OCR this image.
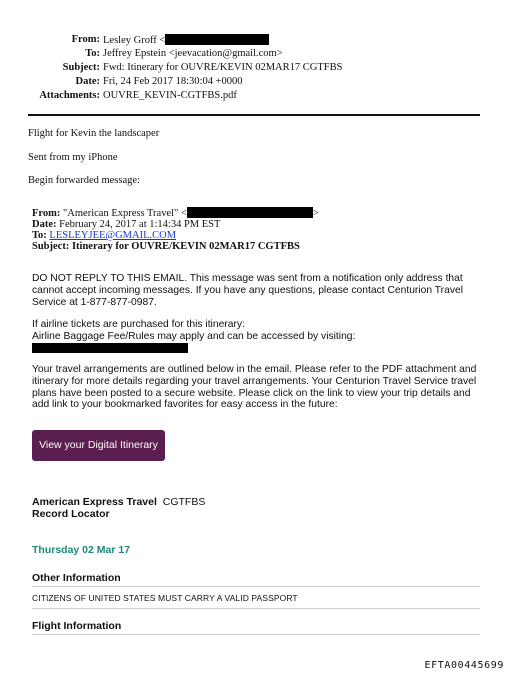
From: Lesley Groff <
To: Jeffrey Epstein <jeevacation@gmail.com>
Subject: Fwd: Itinerary for OUVRE/KEVIN 02MAR17 CGTFBS
Date: Fri, 24 Feb 2017 18:30:04 +0000
Attachments: OUVRE_KEVIN-CGTFBS.pdf
Flight for Kevin the landscaper
Sent from my iPhone
Begin forwarded message:
From: "American Express Travel" <	>
Date: February 24, 2017 at 1:14:34 PM EST
To: LESLEYJEE@GMAIL.COM
Subject: Itinerary for OUVRE/KEVIN 02MAR17 CGTFBS
DO NOT REPLY TO THIS EMAIL. This message was sent from a notification only address that cannot accept incoming messages. If you have any questions, please contact Centurion Travel Service at 1-877-877-0987.
If airline tickets are purchased for this itinerary:
Airline Baggage Fee/Rules may apply and can be accessed by visiting:
Your travel arrangements are outlined below in the email. Please refer to the PDF attachment and itinerary for more details regarding your travel arrangements. Your Centurion Travel Service travel plans have been posted to a secure website. Please click on the link to view your trip details and add link to your bookmarked favorites for easy access in the future:
View your Digital Itinerary
American Express Travel CGTFBS
Record Locator
Thursday 02 Mar 17
Other Information
CITIZENS OF UNITED STATES MUST CARRY A VALID PASSPORT
Flight Information
EFTA00445699
